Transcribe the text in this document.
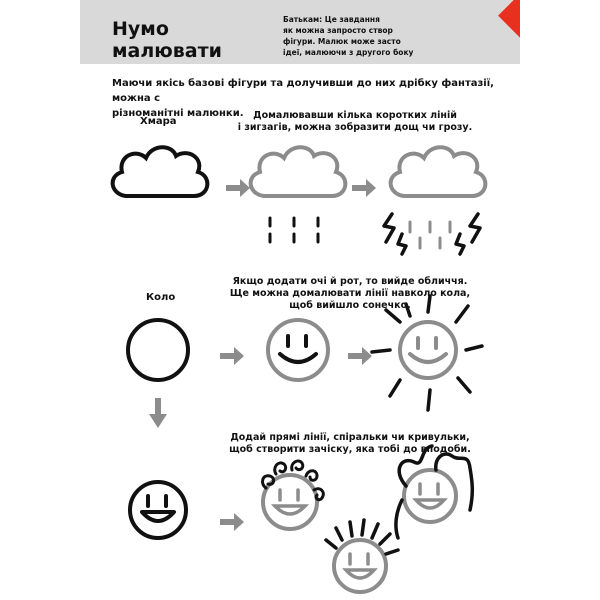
Нумо
малювати
Батькам: Це завдання
як можна запросто створ
фігури. Малюк може засто
ідеї, малюючи з другого боку
Маючи якісь базові фігури та долучивши до них дрібку фантазії, можна с
різноманітні малюнки.
Хмара
Домалювавши кілька коротких ліній
і зигзагів, можна зобразити дощ чи грозу.
Коло
Якщо додати очі й рот, то вийде обличчя.
Ще можна домалювати лінії навколо кола,
щоб вийшло сонечко.
Додай прямі лінії, спіральки чи кривульки,
щоб створити зачіску, яка тобі до вподоби.
